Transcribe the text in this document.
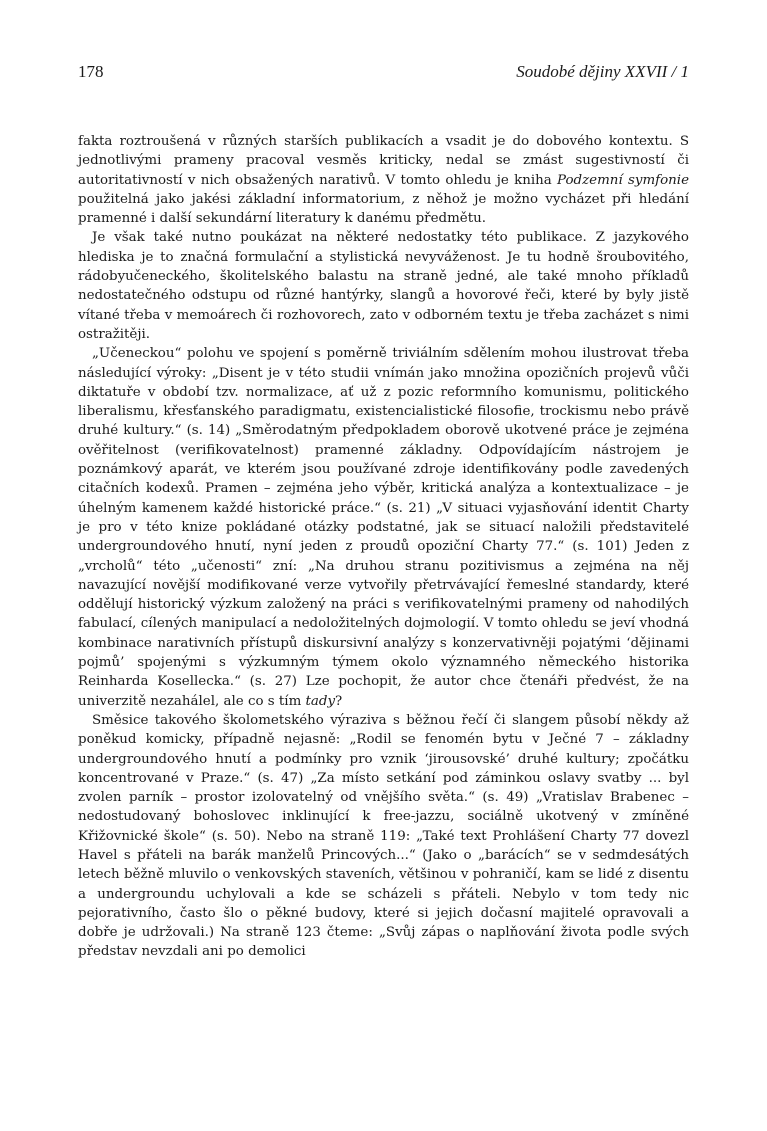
178	Soudobé dějiny XXVII / 1

fakta roztroušená v různých starších publikacích a vsadit je do dobového kontextu. S jednotlivými prameny pracoval vesměs kriticky, nedal se zmást sugestivností či autoritativností v nich obsažených narativů. V tomto ohledu je kniha Podzemní symfonie použitelná jako jakési základní informatorium, z něhož je možno vycházet při hledání pramenné i další sekundární literatury k danému předmětu.

Je však také nutno poukázat na některé nedostatky této publikace. Z jazykového hlediska je to značná formulační a stylistická nevyváženost. Je tu hodně šroubovitého, rádobyučeneckého, školitelského balastu na straně jedné, ale také mnoho příkladů nedostatečného odstupu od různé hantýrky, slangů a hovorové řeči, které by byly jistě vítané třeba v memoárech či rozhovorech, zato v odborném textu je třeba zacházet s nimi ostražitěji.

„Učeneckou“ polohu ve spojení s poměrně triviálním sdělením mohou ilustrovat třeba následující výroky: „Disent je v této studii vnímán jako množina opozičních projevů vůči diktatuře v období tzv. normalizace, ať už z pozic reformního komunismu, politického liberalismu, křesťanského paradigmatu, existencialistické filosofie, trockismu nebo právě druhé kultury.“ (s. 14) „Směrodatným předpokladem oborově ukotvené práce je zejména ověřitelnost (verifikovatelnost) pramenné základny. Odpovídajícím nástrojem je poznámkový aparát, ve kterém jsou používané zdroje identifikovány podle zavedených citačních kodexů. Pramen – zejména jeho výběr, kritická analýza a kontextualizace – je úhelným kamenem každé historické práce.“ (s. 21) „V situaci vyjasňování identit Charty je pro v této knize pokládané otázky podstatné, jak se situací naložili představitelé undergroundového hnutí, nyní jeden z proudů opoziční Charty 77.“ (s. 101) Jeden z „vrcholů“ této „učenosti“ zní: „Na druhou stranu pozitivismus a zejména na něj navazující novější modifikované verze vytvořily přetrvávající řemeslné standardy, které oddělují historický výzkum založený na práci s verifikovatelnými prameny od nahodilých fabulací, cílených manipulací a nedoložitelných dojmologií. V tomto ohledu se jeví vhodná kombinace narativních přístupů diskursivní analýzy s konzervativněji pojatými ‘dějinami pojmů’ spojenými s výzkumným týmem okolo významného německého historika Reinharda Kosellecka.“ (s. 27) Lze pochopit, že autor chce čtenáři předvést, že na univerzitě nezahálel, ale co s tím tady?

Směsice takového školometského výraziva s běžnou řečí či slangem působí někdy až poněkud komicky, případně nejasně: „Rodil se fenomén bytu v Ječné 7 – základny undergroundového hnutí a podmínky pro vznik ‘jirousovské’ druhé kultury; zpočátku koncentrované v Praze.“ (s. 47) „Za místo setkání pod záminkou oslavy svatby ... byl zvolen parník – prostor izolovatelný od vnějšího světa.“ (s. 49) „Vratislav Brabenec – nedostudovaný bohoslovec inklinující k free-jazzu, sociálně ukotvený v zmíněné Křižovnické škole“ (s. 50). Nebo na straně 119: „Také text Prohlášení Charty 77 dovezl Havel s přáteli na barák manželů Princových...“ (Jako o „barácích“ se v sedmdesátých letech běžně mluvilo o venkovských staveních, většinou v pohraničí, kam se lidé z disentu a undergroundu uchylovali a kde se scházeli s přáteli. Nebylo v tom tedy nic pejorativního, často šlo o pěkné budovy, které si jejich dočasní majitelé opravovali a dobře je udržovali.) Na straně 123 čteme: „Svůj zápas o naplňování života podle svých představ nevzdali ani po demolici
